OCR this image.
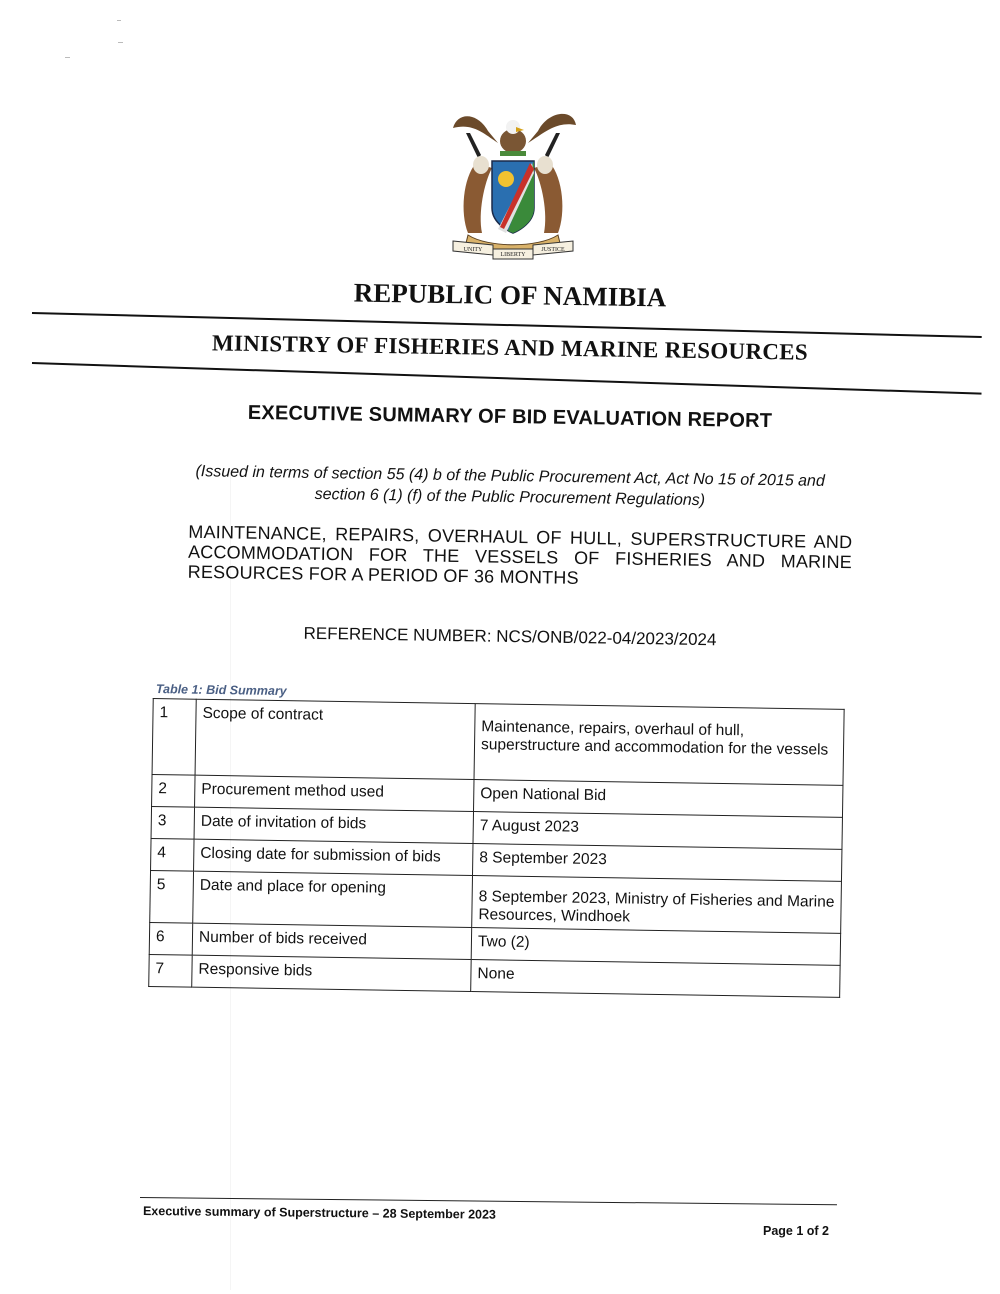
UNITY
LIBERTY
JUSTICE
REPUBLIC OF NAMIBIA
MINISTRY OF FISHERIES AND MARINE RESOURCES
EXECUTIVE SUMMARY OF BID EVALUATION REPORT
(Issued in terms of section 55 (4) b of the Public Procurement Act, Act No 15 of 2015 and section 6 (1) (f) of the Public Procurement Regulations)
MAINTENANCE, REPAIRS, OVERHAUL OF HULL, SUPERSTRUCTURE AND ACCOMMODATION FOR THE VESSELS OF FISHERIES AND MARINE RESOURCES FOR A PERIOD OF 36 MONTHS
REFERENCE NUMBER: NCS/ONB/022-04/2023/2024
Table 1: Bid Summary
1	Scope of contract	Maintenance, repairs, overhaul of hull, superstructure and accommodation for the vessels
2	Procurement method used	Open National Bid
3	Date of invitation of bids	7 August 2023
4	Closing date for submission of bids	8 September 2023
5	Date and place for opening	8 September 2023, Ministry of Fisheries and Marine Resources, Windhoek
6	Number of bids received	Two (2)
7	Responsive bids	None
Executive summary of Superstructure – 28 September 2023
Page 1 of 2
